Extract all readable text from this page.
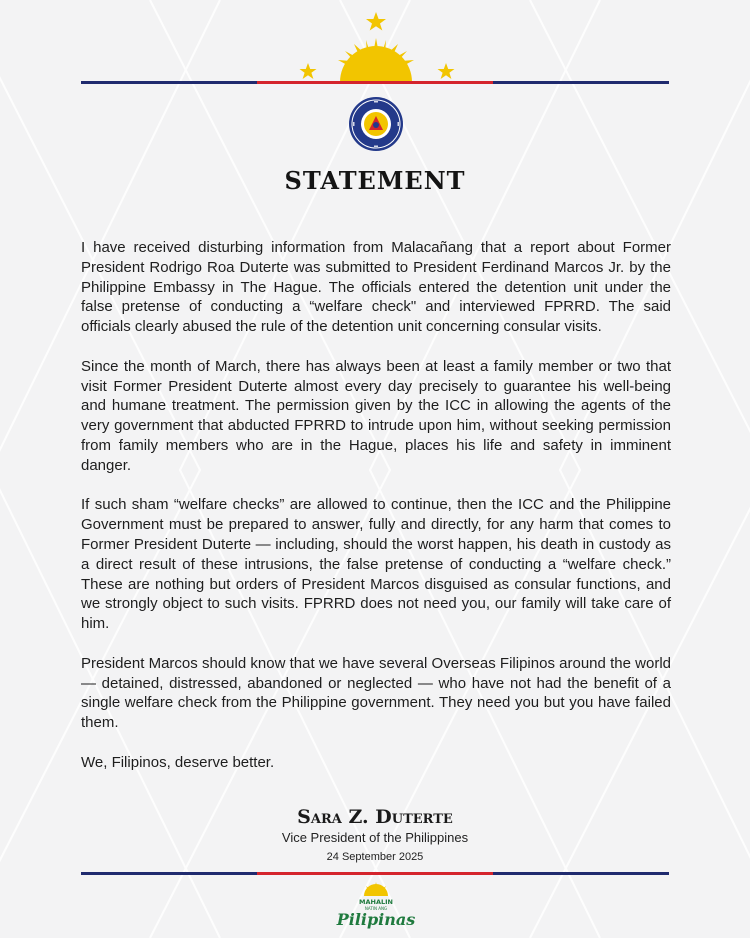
STATEMENT

I have received disturbing information from Malacañang that a report about Former President Rodrigo Roa Duterte was submitted to President Ferdinand Marcos Jr. by the Philippine Embassy in The Hague. The officials entered the detention unit under the false pretense of conducting a “welfare check" and interviewed FPRRD. The said officials clearly abused the rule of the detention unit concerning consular visits.

Since the month of March, there has always been at least a family member or two that visit Former President Duterte almost every day precisely to guarantee his well-being and humane treatment. The permission given by the ICC in allowing the agents of the very government that abducted FPRRD to intrude upon him, without seeking permission from family members who are in the Hague, places his life and safety in imminent danger.

If such sham “welfare checks” are allowed to continue, then the ICC and the Philippine Government must be prepared to answer, fully and directly, for any harm that comes to Former President Duterte — including, should the worst happen, his death in custody as a direct result of these intrusions, the false pretense of conducting a “welfare check.” These are nothing but orders of President Marcos disguised as consular functions, and we strongly object to such visits. FPRRD does not need you, our family will take care of him.

President Marcos should know that we have several Overseas Filipinos around the world — detained, distressed, abandoned or neglected — who have not had the benefit of a single welfare check from the Philippine government. They need you but you have failed them.

We, Filipinos, deserve better.

Sara Z. Duterte
Vice President of the Philippines
24 September 2025
MAHALIN
NATIN ANG
Pilipinas
